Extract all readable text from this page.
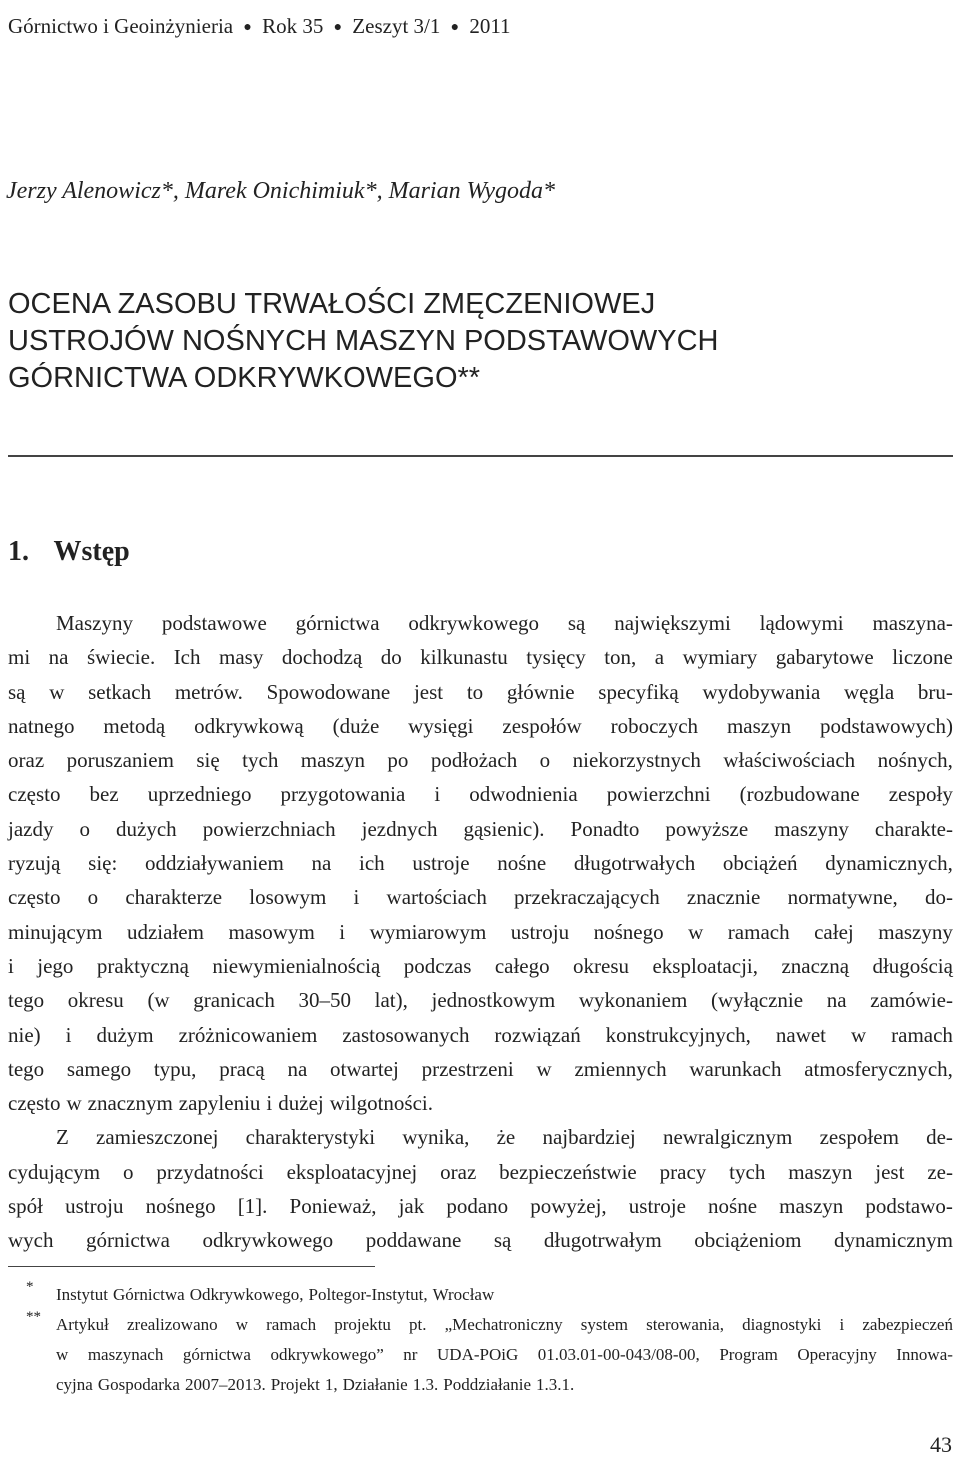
Górnictwo i Geoinżynieria ● Rok 35 ● Zeszyt 3/1 ● 2011
Jerzy Alenowicz*, Marek Onichimiuk*, Marian Wygoda*
OCENA ZASOBU TRWAŁOŚCI ZMĘCZENIOWEJ
USTROJÓW NOŚNYCH MASZYN PODSTAWOWYCH
GÓRNICTWA ODKRYWKOWEGO**
1. Wstęp
Maszyny podstawowe górnictwa odkrywkowego są największymi lądowymi maszyna-
mi na świecie. Ich masy dochodzą do kilkunastu tysięcy ton, a wymiary gabarytowe liczone
są w setkach metrów. Spowodowane jest to głównie specyfiką wydobywania węgla bru-
natnego metodą odkrywkową (duże wysięgi zespołów roboczych maszyn podstawowych)
oraz poruszaniem się tych maszyn po podłożach o niekorzystnych właściwościach nośnych,
często bez uprzedniego przygotowania i odwodnienia powierzchni (rozbudowane zespoły
jazdy o dużych powierzchniach jezdnych gąsienic). Ponadto powyższe maszyny charakte-
ryzują się: oddziaływaniem na ich ustroje nośne długotrwałych obciążeń dynamicznych,
często o charakterze losowym i wartościach przekraczających znacznie normatywne, do-
minującym udziałem masowym i wymiarowym ustroju nośnego w ramach całej maszyny
i jego praktyczną niewymienialnością podczas całego okresu eksploatacji, znaczną długością
tego okresu (w granicach 30–50 lat), jednostkowym wykonaniem (wyłącznie na zamówie-
nie) i dużym zróżnicowaniem zastosowanych rozwiązań konstrukcyjnych, nawet w ramach
tego samego typu, pracą na otwartej przestrzeni w zmiennych warunkach atmosferycznych,
często w znacznym zapyleniu i dużej wilgotności.
Z zamieszczonej charakterystyki wynika, że najbardziej newralgicznym zespołem de-
cydującym o przydatności eksploatacyjnej oraz bezpieczeństwie pracy tych maszyn jest ze-
spół ustroju nośnego [1]. Ponieważ, jak podano powyżej, ustroje nośne maszyn podstawo-
wych górnictwa odkrywkowego poddawane są długotrwałym obciążeniom dynamicznym
* Instytut Górnictwa Odkrywkowego, Poltegor-Instytut, Wrocław
** Artykuł zrealizowano w ramach projektu pt. „Mechatroniczny system sterowania, diagnostyki i zabezpieczeń
w maszynach górnictwa odkrywkowego” nr UDA-POiG 01.03.01-00-043/08-00, Program Operacyjny Innowa-
cyjna Gospodarka 2007–2013. Projekt 1, Działanie 1.3. Poddziałanie 1.3.1.
43
